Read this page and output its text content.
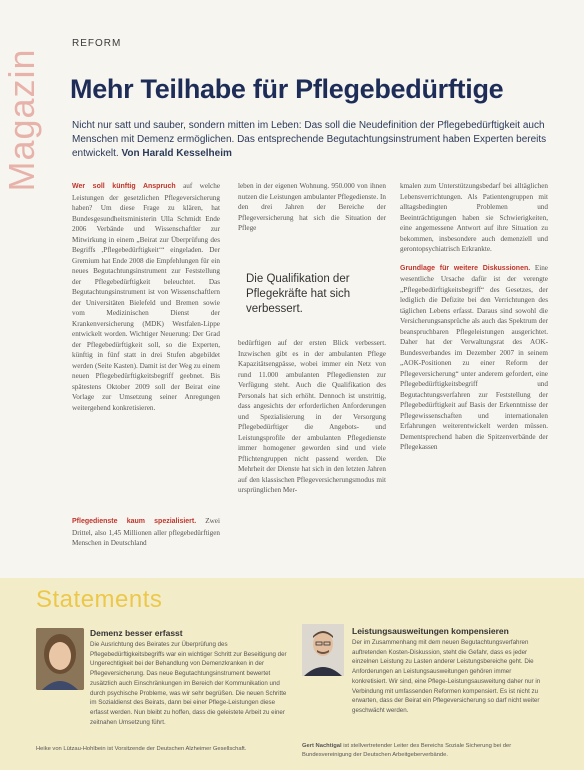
Magazin
REFORM
Mehr Teilhabe für Pflegebedürftige
Nicht nur satt und sauber, sondern mitten im Leben: Das soll die Neudefinition der Pflegebedürftigkeit auch Menschen mit Demenz ermöglichen. Das entsprechende Begutachtungsinstrument haben Experten bereits entwickelt. Von Harald Kesselheim

Wer soll künftig Anspruch auf welche Leistungen der gesetzlichen Pflegeversicherung haben? Um diese Frage zu klären, hat Bundesgesundheitsministerin Ulla Schmidt Ende 2006 Verbände und Wissenschaftler zur Mitwirkung in einem „Beirat zur Überprüfung des Begriffs ,Pflegebedürftigkeit‘“ eingeladen. Der Gremium hat Ende 2008 die Empfehlungen für ein neues Begutachtungsinstrument zur Feststellung der Pflegebedürftigkeit beleuchtet. Das Begutachtungsinstrument ist von Wissenschaftlern der Universitäten Bielefeld und Bremen sowie vom Medizinischen Dienst der Krankenversicherung (MDK) Westfalen-Lippe entwickelt worden. Wichtiger Neuerung: Der Grad der Pflegebedürftigkeit soll, so die Experten, künftig in fünf statt in drei Stufen abgebildet werden (Seite Kasten). Damit ist der Weg zu einem neuen Pflegebedürftigkeitsbegriff geebnet. Bis spätestens Oktober 2009 soll der Beirat eine Vorlage zur Umsetzung seiner Anregungen weitergehend konkretisieren.

Pflegedienste kaum spezialisiert. Zwei Drittel, also 1,45 Millionen aller pflegebedürftigen Menschen in Deutschland

leben in der eigenen Wohnung. 950.000 von ihnen nutzen die Leistungen ambulanter Pflegedienste. In den drei Jahren der Bereiche der Pflegeversicherung hat sich die Situation der Pflege

Die Qualifikation der Pflegekräfte hat sich verbessert.

bedürftigen auf der ersten Blick verbessert. Inzwischen gibt es in der ambulanten Pflege Kapazitätsengpässe, wobei immer ein Netz von rund 11.000 ambulanten Pflegediensten zur Verfügung steht. Auch die Qualifikation des Personals hat sich erhöht. Dennoch ist unstrittig, dass angesichts der erforderlichen Anforderungen und Spezialisierung in der Versorgung Pflegebedürftiger die Angebots- und Leistungsprofile der ambulanten Pflegedienste immer homogener geworden sind und viele Pflichtengruppen nicht passend werden. Die Mehrheit der Dienste hat sich in den letzten Jahren auf den klassischen Pflegeversicherungsmodus mit ursprünglichen Mer-

kmalen zum Unterstützungsbedarf bei alltäglichen Lebensverrichtungen. Als Patientengruppen mit alltagsbedingten Problemen und Beeinträchtigungen haben sie Schwierigkeiten, eine angemessene Antwort auf ihre Situation zu bekommen, insbesondere auch demenziell und gerontopsychiatrisch Erkrankte.

Grundlage für weitere Diskussionen. Eine wesentliche Ursache dafür ist der verengte „Pflegebedürftigkeitsbegriff“ des Gesetzes, der lediglich die Defizite bei den Verrichtungen des täglichen Lebens erfasst. Daraus sind sowohl die Versicherungsansprüche als auch das Spektrum der beanspruchbaren Pflegeleistungen ausgerichtet. Daher hat der Verwaltungsrat des AOK-Bundesverbandes im Dezember 2007 in seinem „AOK-Positionen zu einer Reform der Pflegeversicherung“ unter anderem gefordert, eine Pflegebedürftigkeitsbegriff und Begutachtungsverfahren zur Feststellung der Pflegebedürftigkeit auf Basis der Erkenntnisse der Pflegewissenschaften und internationalen Erfahrungen weiterentwickelt werden müssen. Dementsprechend haben die Spitzenverbände der Pflegekassen

Statements
Demenz besser erfasst
Die Ausrichtung des Beirates zur Überprüfung des Pflegebedürftigkeitsbegriffs war ein wichtiger Schritt zur Beseitigung der Ungerechtigkeit bei der Behandlung von Demenzkranken in der Pflegeversicherung. Das neue Begutachtungsinstrument bewertet zusätzlich auch Einschränkungen im Bereich der Kommunikation und durch psychische Probleme, was wir sehr begrüßen. Die neuen Schritte im Sozialdienst des Beirats, dann bei einer Pflege-Leistungen diese erfasst werden. Nun bleibt zu hoffen, dass die geleistete Arbeit zu einer zeitnahen Umsetzung führt.
Heike von Lützau-Hohlbein ist Vorsitzende der Deutschen Alzheimer Gesellschaft.
Leistungsausweitungen kompensieren
Der im Zusammenhang mit dem neuen Begutachtungsverfahren auftretenden Kosten-Diskussion, steht die Gefahr, dass es jeder einzelnen Leistung zu Lasten anderer Leistungsbereiche geht. Die Anforderungen an Leistungsausweitungen gehören immer konkretisiert. Wir sind, eine Pflege-Leistungsausweitung daher nur in Verbindung mit umfassenden Reformen kompensiert. Es ist nicht zu erwarten, dass der Beirat ein Pflegeversicherung so darf nicht weiter geschwächt werden.
Gert Nachtigal ist stellvertretender Leiter des Bereichs Soziale Sicherung bei der Bundesvereinigung der Deutschen Arbeitgeberverbände.
